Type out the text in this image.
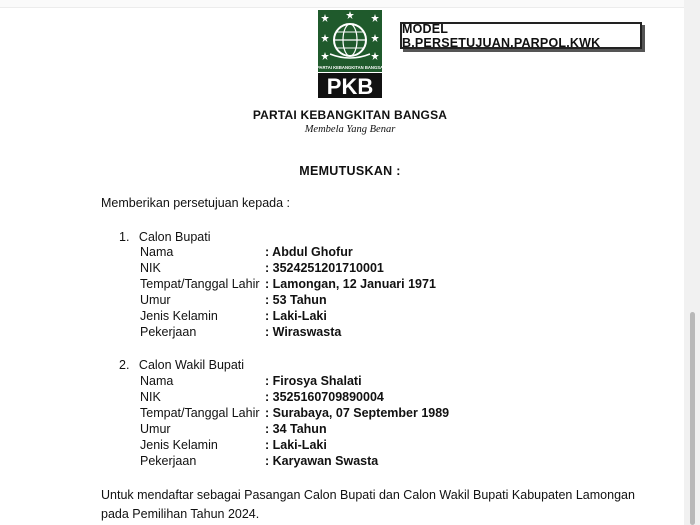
PARTAI KEBANGKITAN BANGSA
PKB
MODEL B.PERSETUJUAN.PARPOL.KWK
PARTAI KEBANGKITAN BANGSA
Membela Yang Benar
MEMUTUSKAN :
Memberikan persetujuan kepada :
1. Calon Bupati
Nama	: Abdul Ghofur
NIK	: 3524251201710001
Tempat/Tanggal Lahir : Lamongan, 12 Januari 1971
Umur	: 53 Tahun
Jenis Kelamin	: Laki-Laki
Pekerjaan	: Wiraswasta
2. Calon Wakil Bupati
Nama	: Firosya Shalati
NIK	: 3525160709890004
Tempat/Tanggal Lahir : Surabaya, 07 September 1989
Umur	: 34 Tahun
Jenis Kelamin	: Laki-Laki
Pekerjaan	: Karyawan Swasta
Untuk mendaftar sebagai Pasangan Calon Bupati dan Calon Wakil Bupati Kabupaten Lamongan pada Pemilihan Tahun 2024.
